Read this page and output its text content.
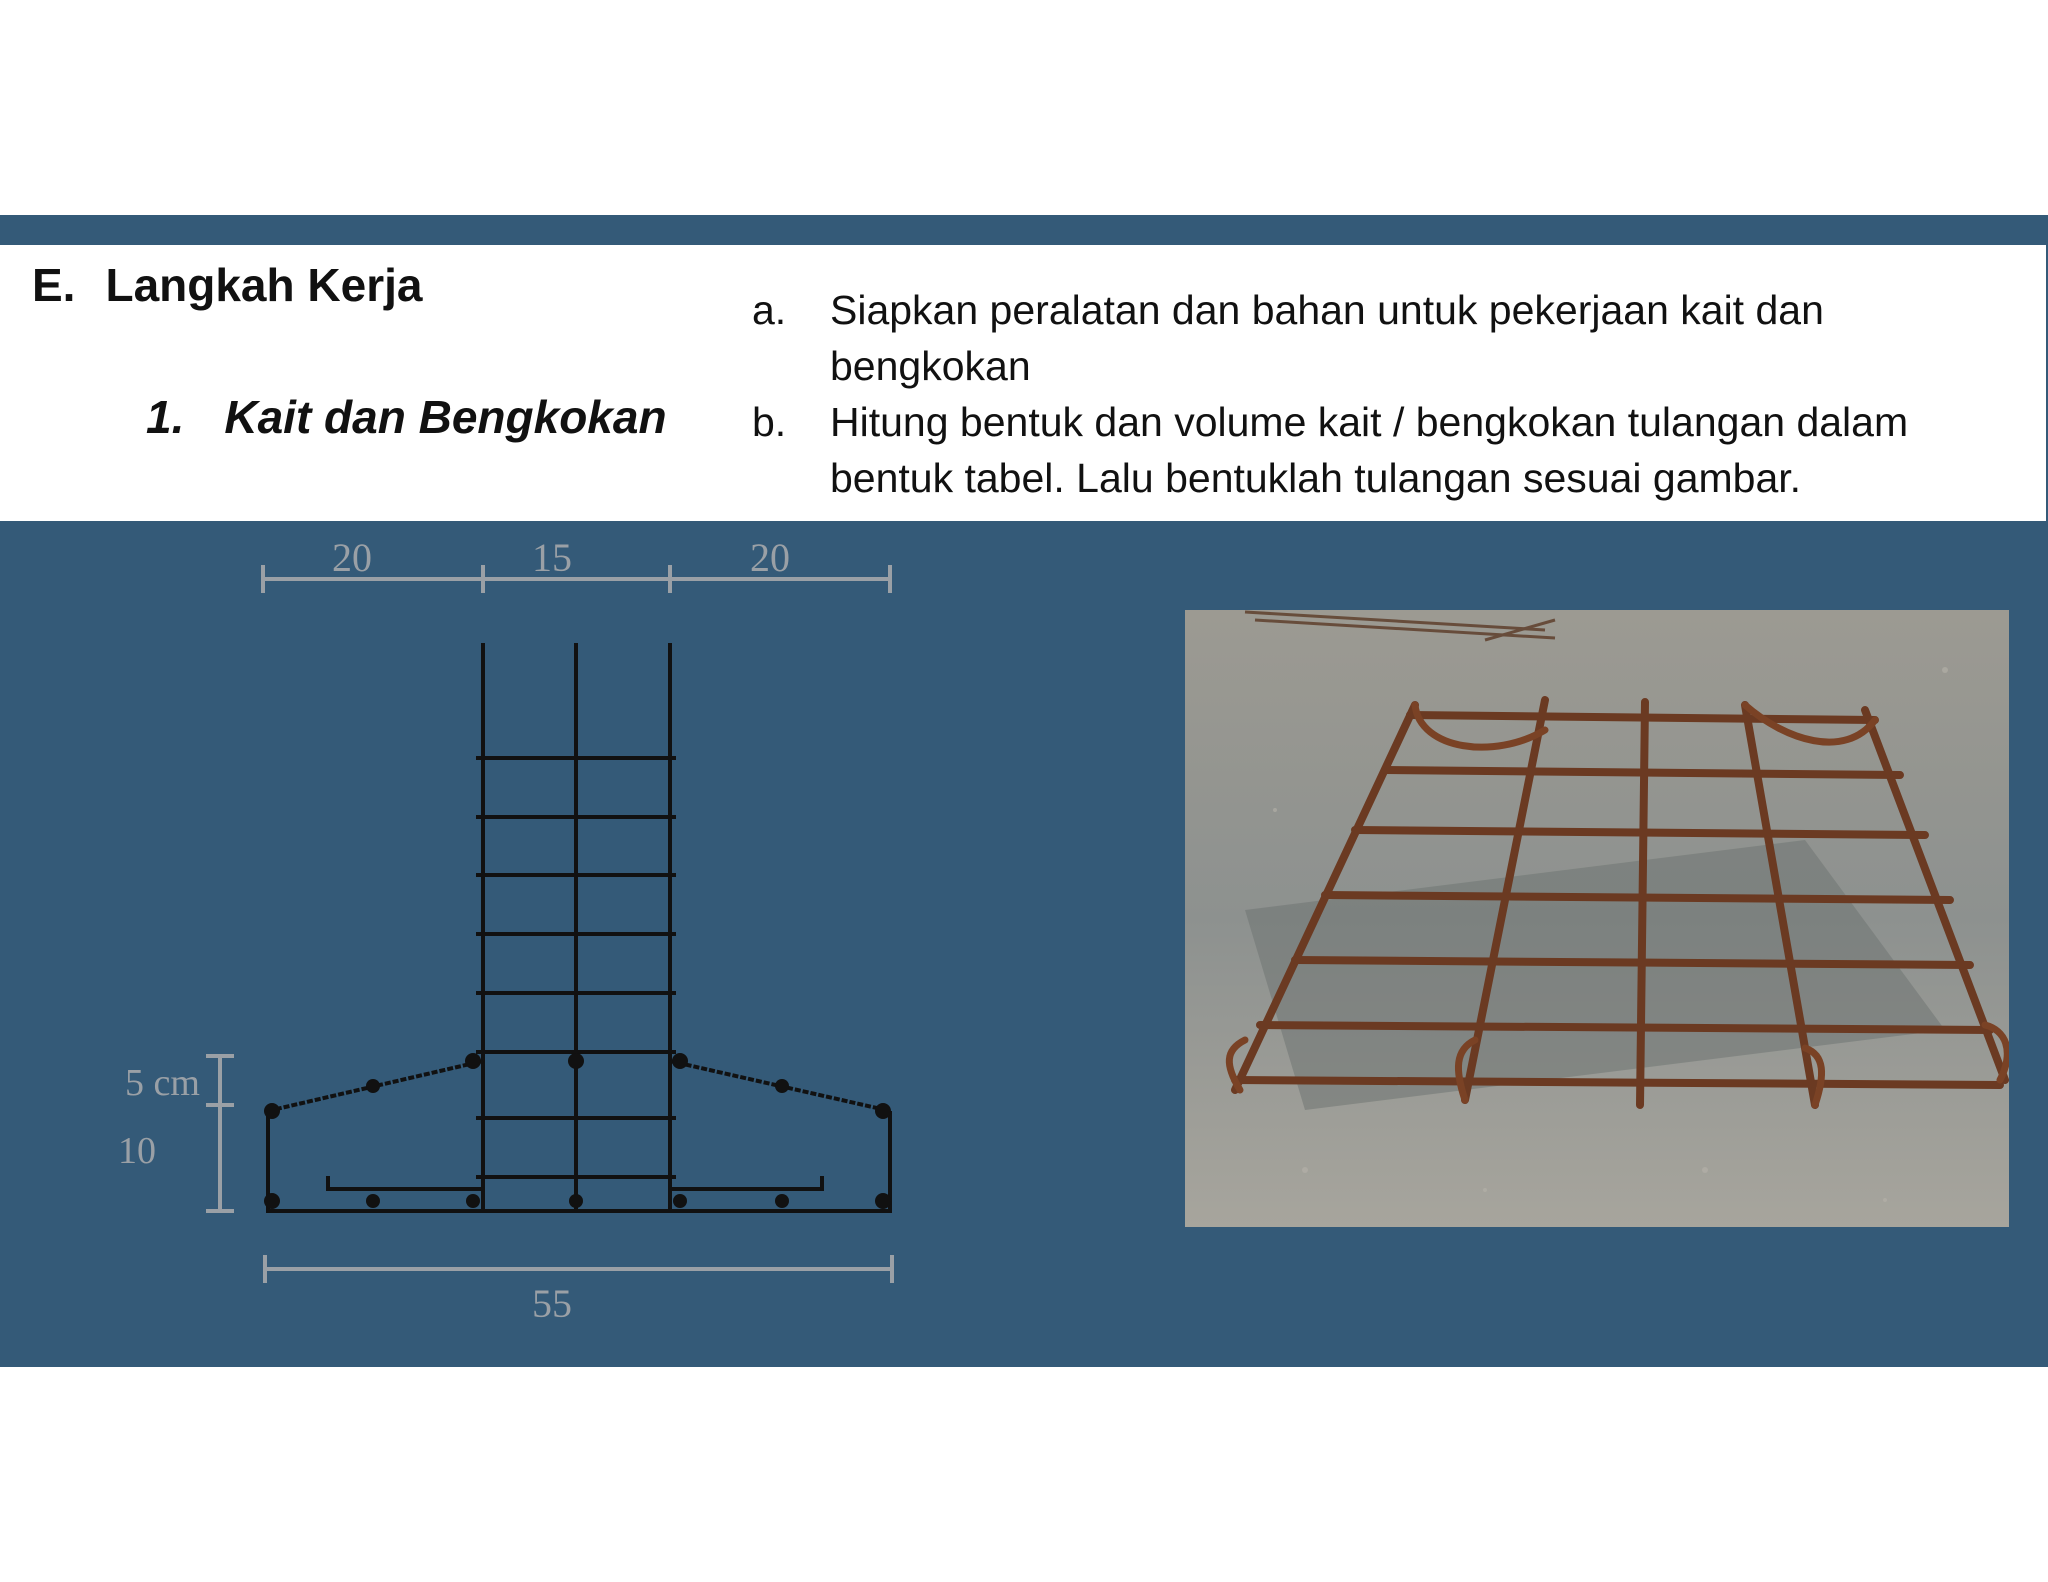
E. Langkah Kerja
1. Kait dan Bengkokan
a.	Siapkan peralatan dan bahan untuk pekerjaan kait dan bengkokan
b.	Hitung bentuk dan volume kait / bengkokan tulangan dalam bentuk tabel. Lalu bentuklah tulangan sesuai gambar.
20	15	20
5 cm
10
55
